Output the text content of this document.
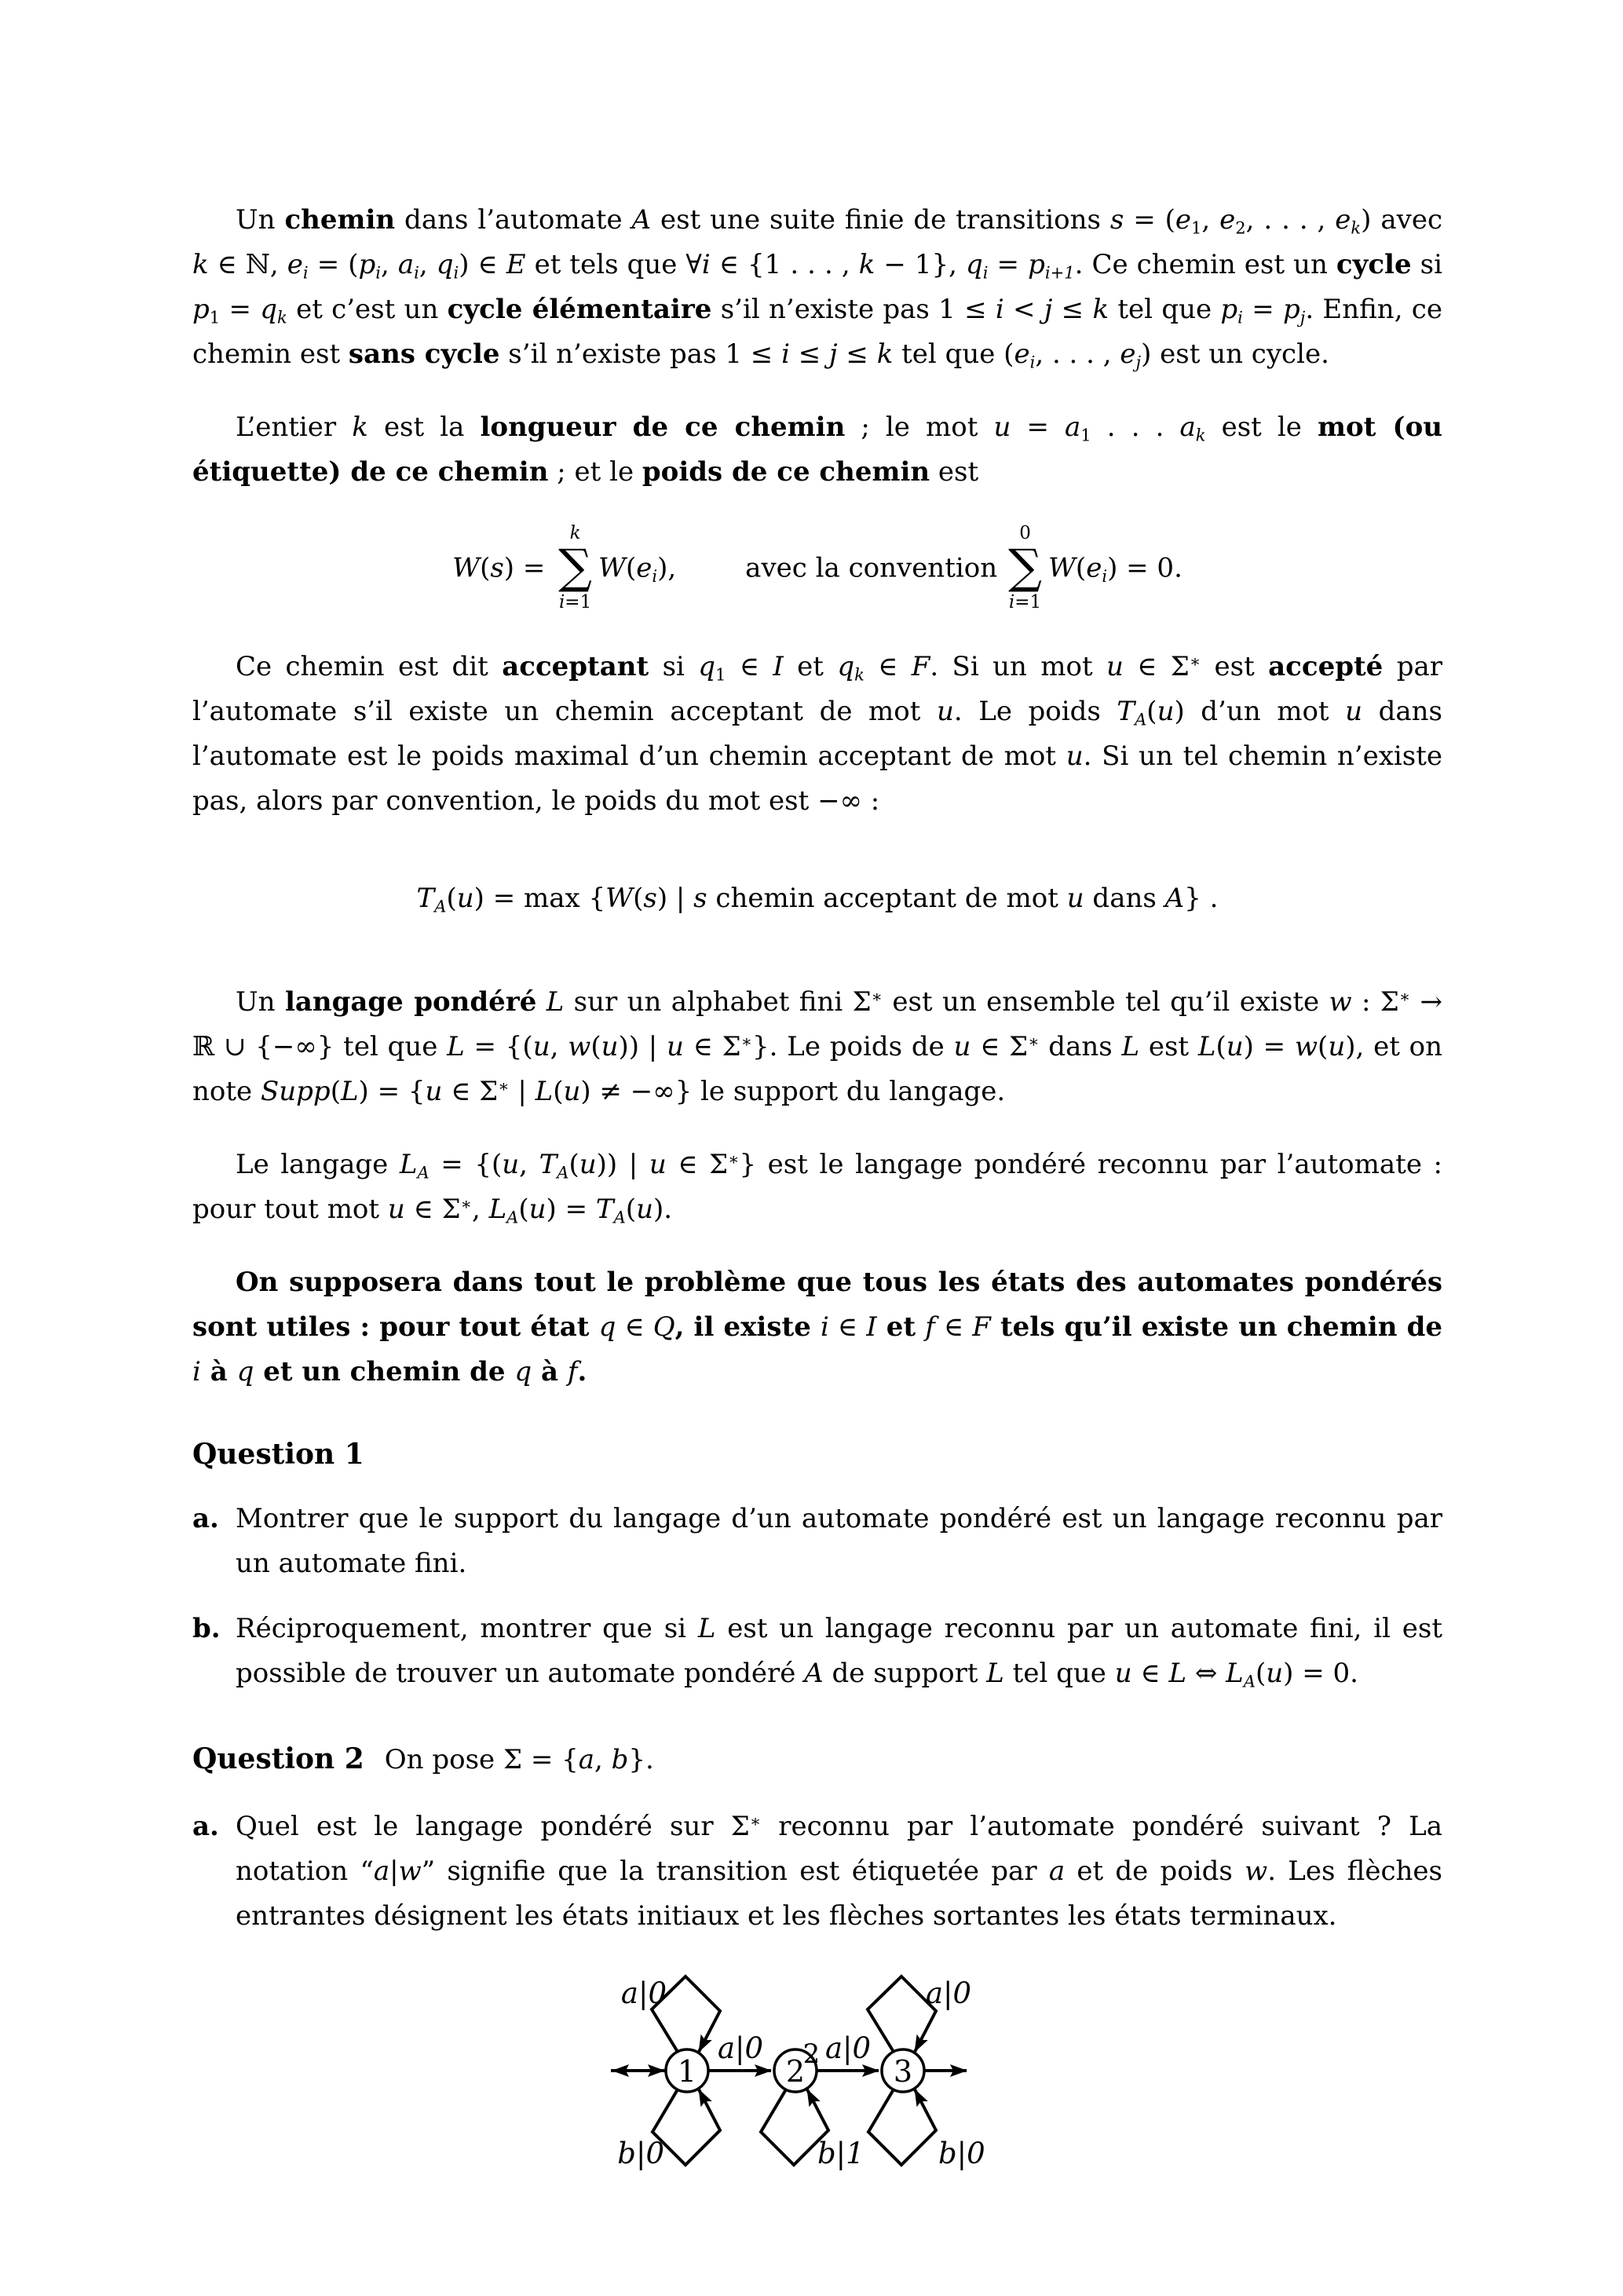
Un chemin dans l’automate A est une suite finie de transitions $s = (e_1$, $e_2$, . . . , $e_k$) avec k ∈ ℕ, $e_i = (p_i$, $a_i$, $q_i$) ∈ E et tels que ∀i ∈ {1 . . . , k − 1}, $q_i = p_{i+1}$. Ce chemin est un cycle si $p_1 = q_k$ et c’est un cycle élémentaire s’il n’existe pas 1 ≤ i < j ≤ k tel que $p_i = p_j$. Enfin, ce chemin est sans cycle s’il n’existe pas 1 ≤ i ≤ j ≤ k tel que ($e_i$, . . . , $e_j$) est un cycle.

L’entier k est la longueur de ce chemin ; le mot $u = a_1$ . . . $a_k$ est le mot (ou étiquette) de ce chemin ; et le poids de ce chemin est

W(s) =
k
∑
i=1
$W(e_i)$,	avec la convention
0
∑
i=1
$W(e_i) = 0$.

Ce chemin est dit acceptant si $q_1$ ∈ I et $q_k$ ∈ F. Si un mot u ∈ Σ∗ est accepté par l’automate s’il existe un chemin acceptant de mot u. Le poids $T_A(u)$ d’un mot u dans l’automate est le poids maximal d’un chemin acceptant de mot u. Si un tel chemin n’existe pas, alors par convention, le poids du mot est −∞ :

$T_A(u) = \max \{W(s)$ | s chemin acceptant de mot u dans A} .

Un langage pondéré L sur un alphabet fini Σ∗ est un ensemble tel qu’il existe w : Σ∗ → ℝ ∪ {−∞} tel que L = {(u, w(u)) | u ∈ Σ∗}. Le poids de u ∈ Σ∗ dans L est L(u) = w(u), et on note Supp(L) = {u ∈ Σ∗ | L(u) ≠ −∞} le support du langage.

Le langage $L_A = \{(u$, $T_A(u)$) | u ∈ Σ∗} est le langage pondéré reconnu par l’automate : pour tout mot u ∈ Σ∗, $L_A(u) = T_A(u)$.

On supposera dans tout le problème que tous les états des automates pondérés sont utiles : pour tout état q ∈ Q, il existe i ∈ I et f ∈ F tels qu’il existe un chemin de i à q et un chemin de q à f.

Question 1
a. Montrer que le support du langage d’un automate pondéré est un langage reconnu par un automate fini.
b. Réciproquement, montrer que si L est un langage reconnu par un automate fini, il est possible de trouver un automate pondéré A de support L tel que u ∈ L ⇔ $L_A(u) = 0$.
Question 2 On pose Σ = {a, b}.
a. Quel est le langage pondéré sur Σ∗ reconnu par l’automate pondéré suivant ? La notation “a|w” signifie que la transition est étiquetée par a et de poids w. Les flèches entrantes désignent les états initiaux et les flèches sortantes les états terminaux.
1	2	3
a|0
b|0	b|1
a|0
b|0
a|0 a|0
2
